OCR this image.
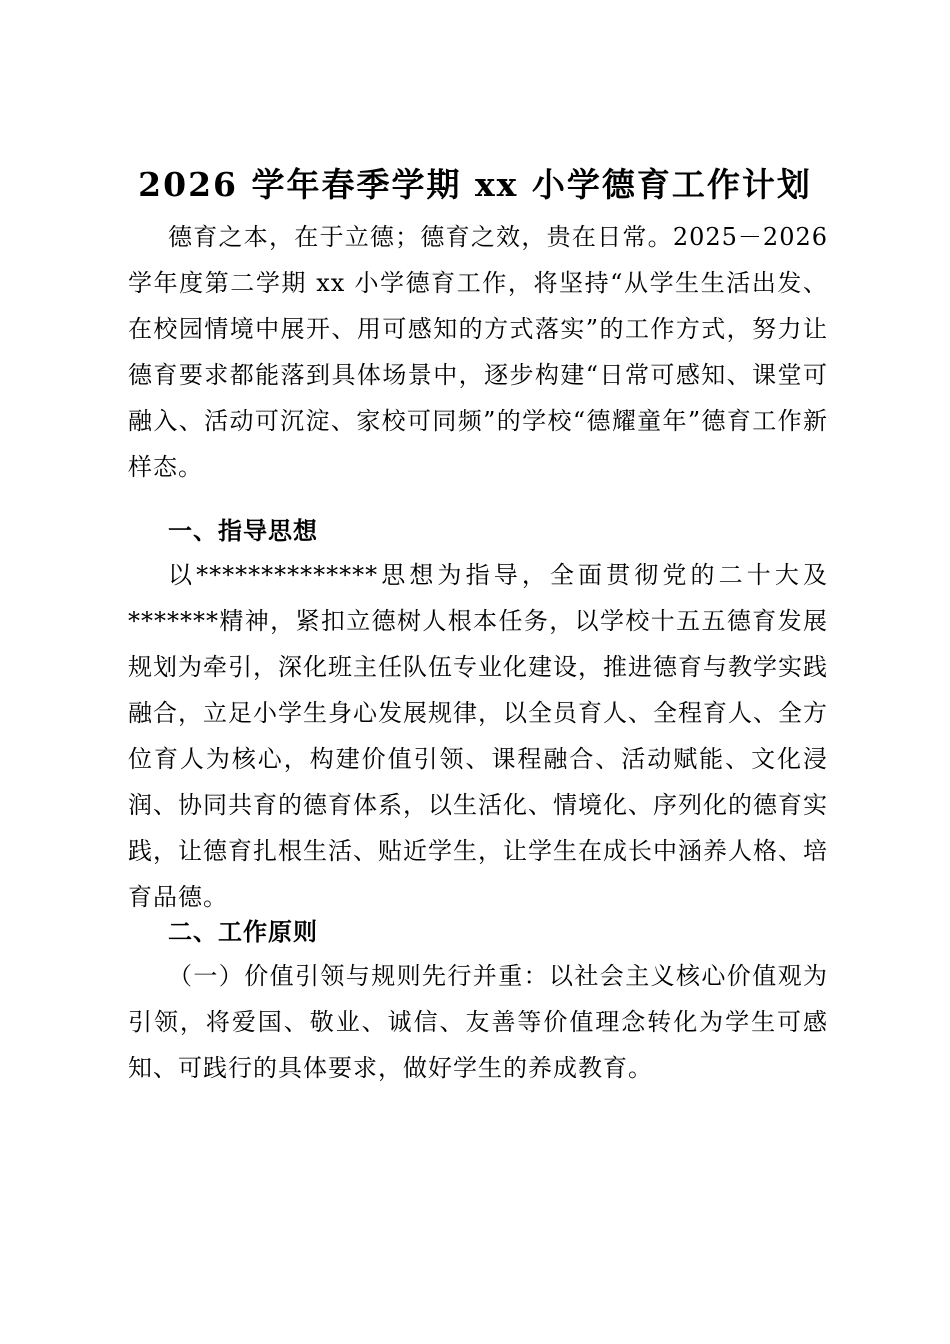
2026 学年春季学期 xx 小学德育工作计划

德育之本，在于立德；德育之效，贵在日常。2025－2026学年度第二学期 xx 小学德育工作，将坚持“从学生生活出发、在校园情境中展开、用可感知的方式落实”的工作方式，努力让德育要求都能落到具体场景中，逐步构建“日常可感知、课堂可融入、活动可沉淀、家校可同频”的学校“德耀童年”德育工作新样态。

一、指导思想

以**************思想为指导，全面贯彻党的二十大及*******精神，紧扣立德树人根本任务，以学校十五五德育发展规划为牵引，深化班主任队伍专业化建设，推进德育与教学实践融合，立足小学生身心发展规律，以全员育人、全程育人、全方位育人为核心，构建价值引领、课程融合、活动赋能、文化浸润、协同共育的德育体系，以生活化、情境化、序列化的德育实践，让德育扎根生活、贴近学生，让学生在成长中涵养人格、培育品德。

二、工作原则

（一）价值引领与规则先行并重：以社会主义核心价值观为引领，将爱国、敬业、诚信、友善等价值理念转化为学生可感知、可践行的具体要求，做好学生的养成教育。
